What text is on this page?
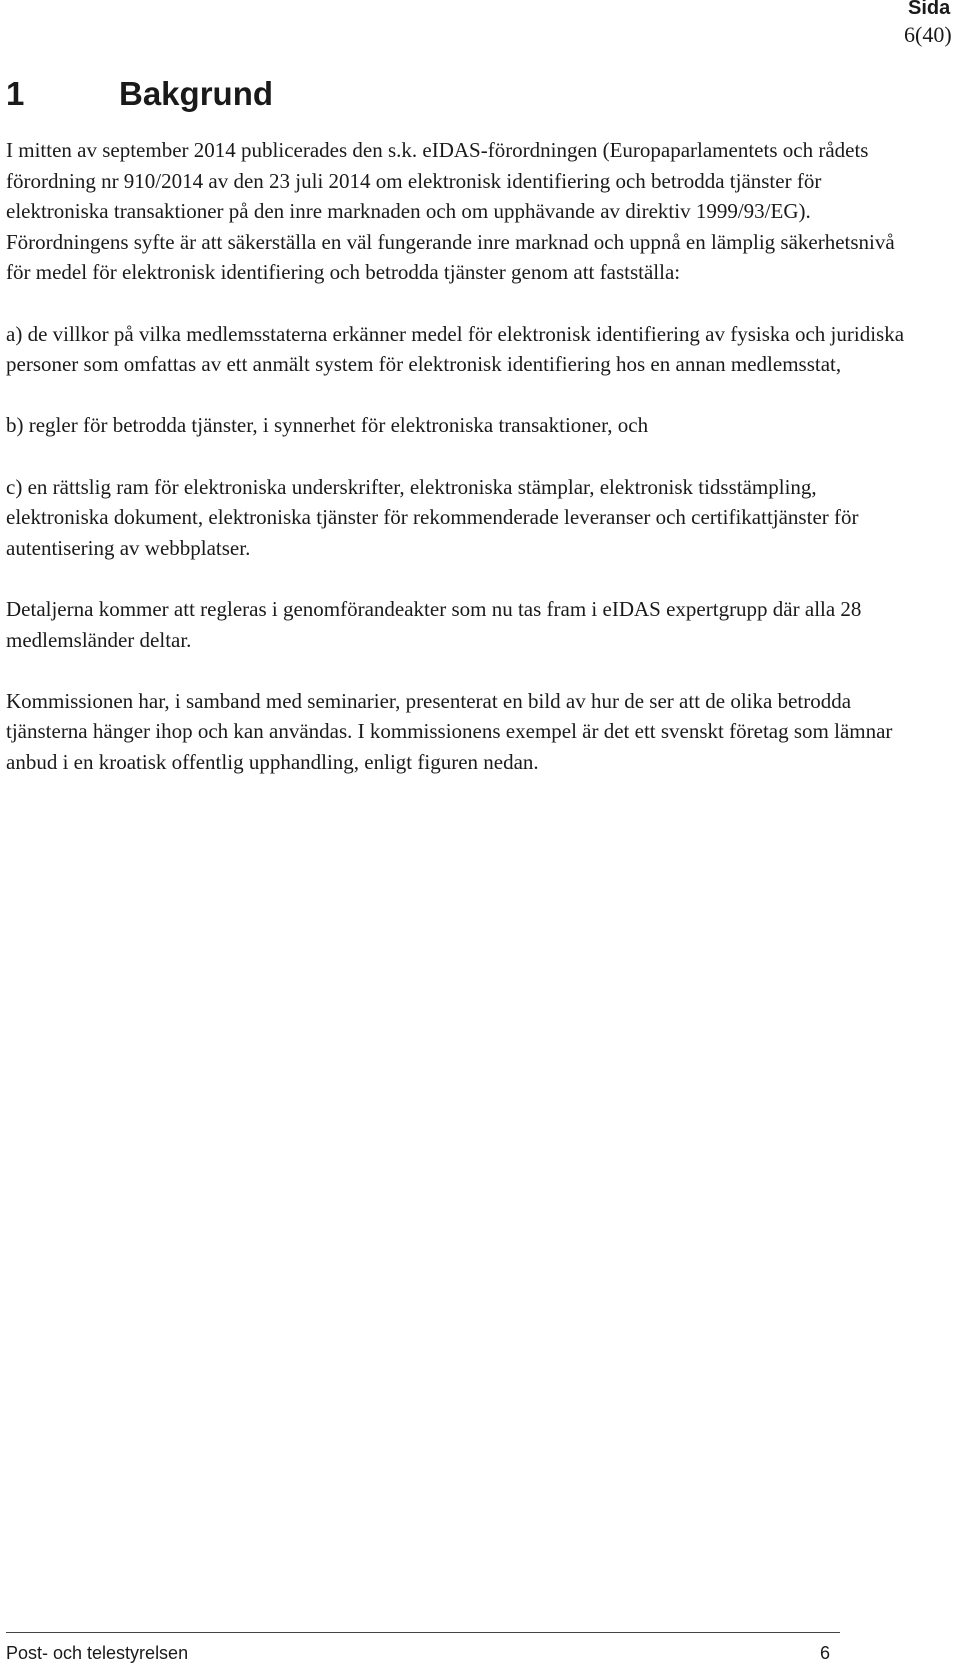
Sida
6(40)
1	Bakgrund

I mitten av september 2014 publicerades den s.k. eIDAS-förordningen (Europaparlamentets och rådets förordning nr 910/2014 av den 23 juli 2014 om elektronisk identifiering och betrodda tjänster för elektroniska transaktioner på den inre marknaden och om upphävande av direktiv 1999/93/EG). Förordningens syfte är att säkerställa en väl fungerande inre marknad och uppnå en lämplig säkerhetsnivå för medel för elektronisk identifiering och betrodda tjänster genom att fastställa:

a) de villkor på vilka medlemsstaterna erkänner medel för elektronisk identifiering av fysiska och juridiska personer som omfattas av ett anmält system för elektronisk identifiering hos en annan medlemsstat,

b) regler för betrodda tjänster, i synnerhet för elektroniska transaktioner, och

c) en rättslig ram för elektroniska underskrifter, elektroniska stämplar, elektronisk tidsstämpling, elektroniska dokument, elektroniska tjänster för rekommenderade leveranser och certifikattjänster för autentisering av webbplatser.

Detaljerna kommer att regleras i genomförandeakter som nu tas fram i eIDAS expertgrupp där alla 28 medlemsländer deltar.

Kommissionen har, i samband med seminarier, presenterat en bild av hur de ser att de olika betrodda tjänsterna hänger ihop och kan användas. I kommissionens exempel är det ett svenskt företag som lämnar anbud i en kroatisk offentlig upphandling, enligt figuren nedan.

Post- och telestyrelsen	6
